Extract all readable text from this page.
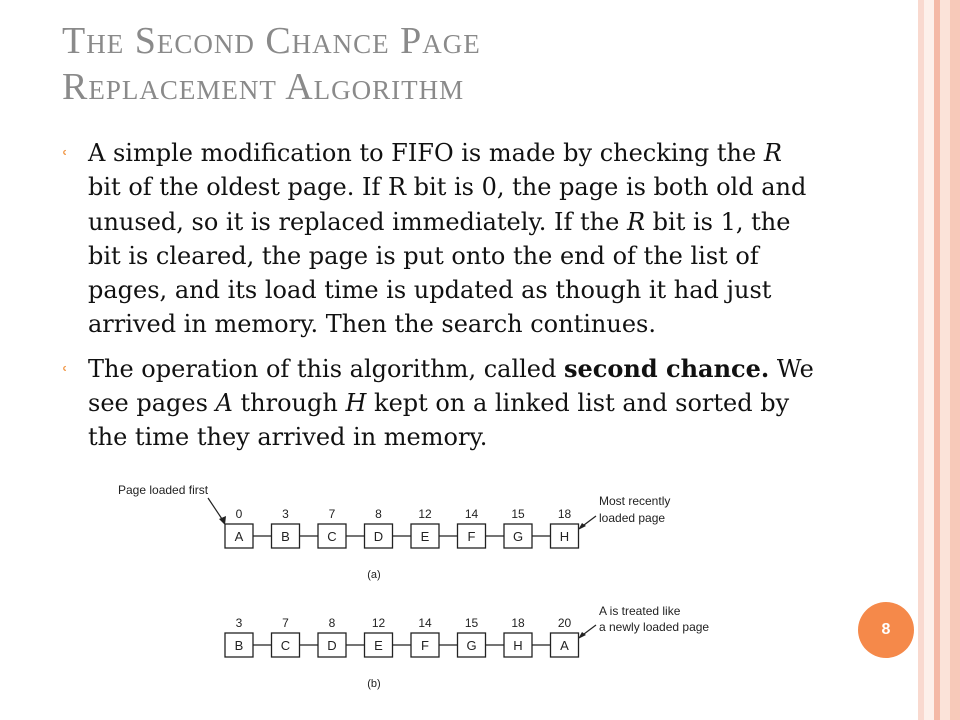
The Second Chance Page
Replacement Algorithm
˓ A simple modification to FIFO is made by checking the R bit of the oldest page. If R bit is 0, the page is both old and unused, so it is replaced immediately. If the R bit is 1, the bit is cleared, the page is put onto the end of the list of pages, and its load time is updated as though it had just arrived in memory. Then the search continues.
˓ The operation of this algorithm, called second chance. We see pages A through H kept on a linked list and sorted by the time they arrived in memory.
Page loaded first
Most recently
loaded page
0
A
3
B
7
C
8
D
12
E
14
F
15
G
18
H
(a)
A is treated like
a newly loaded page
3
B
7
C
8
D
12
E
14
F
15
G
18
H
20
A
(b)
8
